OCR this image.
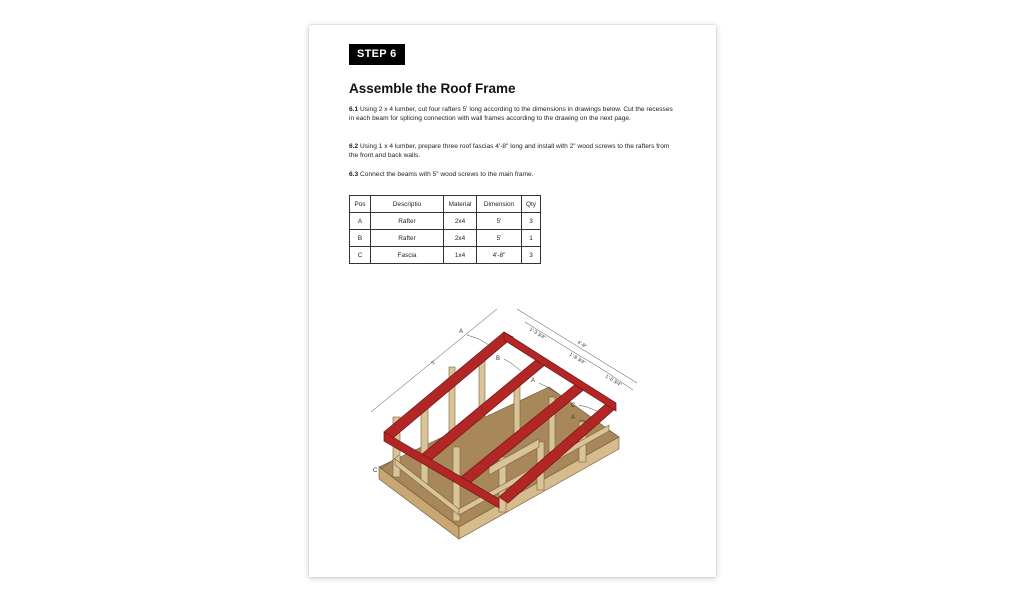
STEP 6
Assemble the Roof Frame

6.1 Using 2 x 4 lumber, cut four rafters 5' long according to the dimensions in drawings below. Cut the recesses in each beam for splicing connection with wall frames according to the drawing on the next page.

6.2 Using 1 x 4 lumber, prepare three roof fascias 4'-8" long and install with 2" wood screws to the rafters from the front and back walls.

6.3 Connect the beams with 5" wood screws to the main frame.

Pos	Descriptio	Material	Dimension	Qty
A	Rafter	2x4	5'	3
B	Rafter	2x4	5'	1
C	Fascia	1x4	4'-8"	3
4'-8"
1'-3 3/4"
1'-8 3/4"
1'-6 3/4"
5'
A
B
A
C
A
C
